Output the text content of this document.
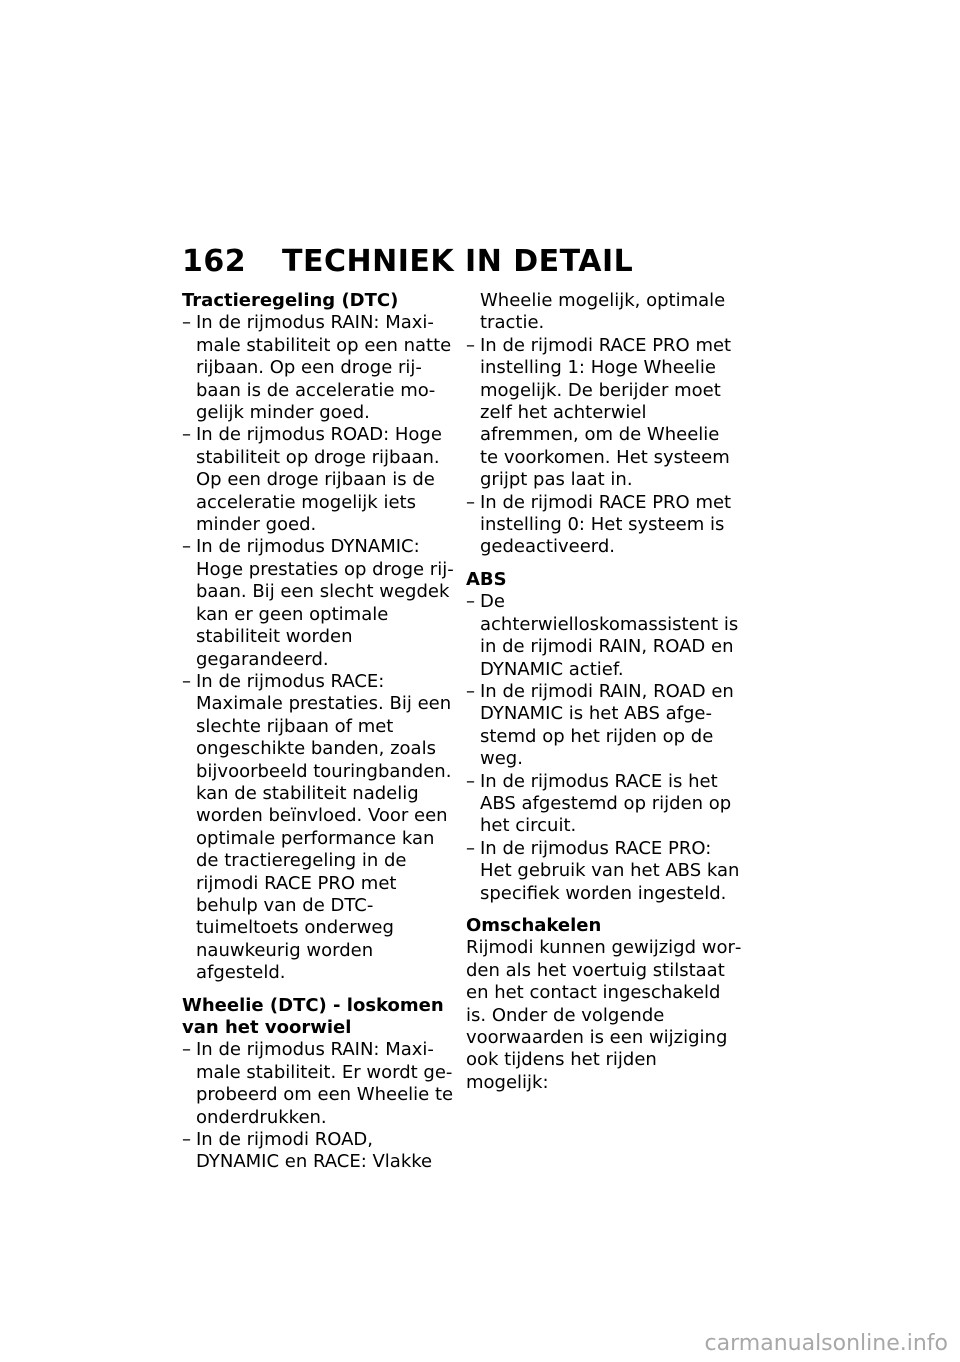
162 TECHNIEK IN DETAIL

Tractieregeling (DTC)

– In de rijmodus RAIN: Maximale stabiliteit op een natte rijbaan. Op een droge rijbaan is de acceleratie mogelijk minder goed.
– In de rijmodus ROAD: Hoge stabiliteit op droge rijbaan. Op een droge rijbaan is de acceleratie mogelijk iets minder goed.
– In de rijmodus DYNAMIC: Hoge prestaties op droge rijbaan. Bij een slecht wegdek kan er geen optimale stabiliteit worden gegarandeerd.
– In de rijmodus RACE: Maximale prestaties. Bij een slechte rijbaan of met ongeschikte banden, zoals bijvoorbeeld touringbanden. kan de stabiliteit nadelig worden beïnvloed. Voor een optimale performance kan de tractieregeling in de rijmodi RACE PRO met behulp van de DTC-tuimeltoets onderweg nauwkeurig worden afgesteld.

Wheelie (DTC) - loskomen van het voorwiel

– In de rijmodus RAIN: Maximale stabiliteit. Er wordt geprobeerd om een Wheelie te onderdrukken.
– In de rijmodi ROAD, DYNAMIC en RACE: Vlakke

Wheelie mogelijk, optimale tractie.

– In de rijmodi RACE PRO met instelling 1: Hoge Wheelie mogelijk. De berijder moet zelf het achterwiel afremmen, om de Wheelie te voorkomen. Het systeem grijpt pas laat in.
– In de rijmodi RACE PRO met instelling 0: Het systeem is gedeactiveerd.

ABS

– De achterwielloskomassistent is in de rijmodi RAIN, ROAD en DYNAMIC actief.
– In de rijmodi RAIN, ROAD en DYNAMIC is het ABS afgestemd op het rijden op de weg.
– In de rijmodus RACE is het ABS afgestemd op rijden op het circuit.
– In de rijmodus RACE PRO: Het gebruik van het ABS kan specifiek worden ingesteld.

Omschakelen

Rijmodi kunnen gewijzigd worden als het voertuig stilstaat en het contact ingeschakeld is. Onder de volgende voorwaarden is een wijziging ook tijdens het rijden mogelijk:

carmanualsonline.info
